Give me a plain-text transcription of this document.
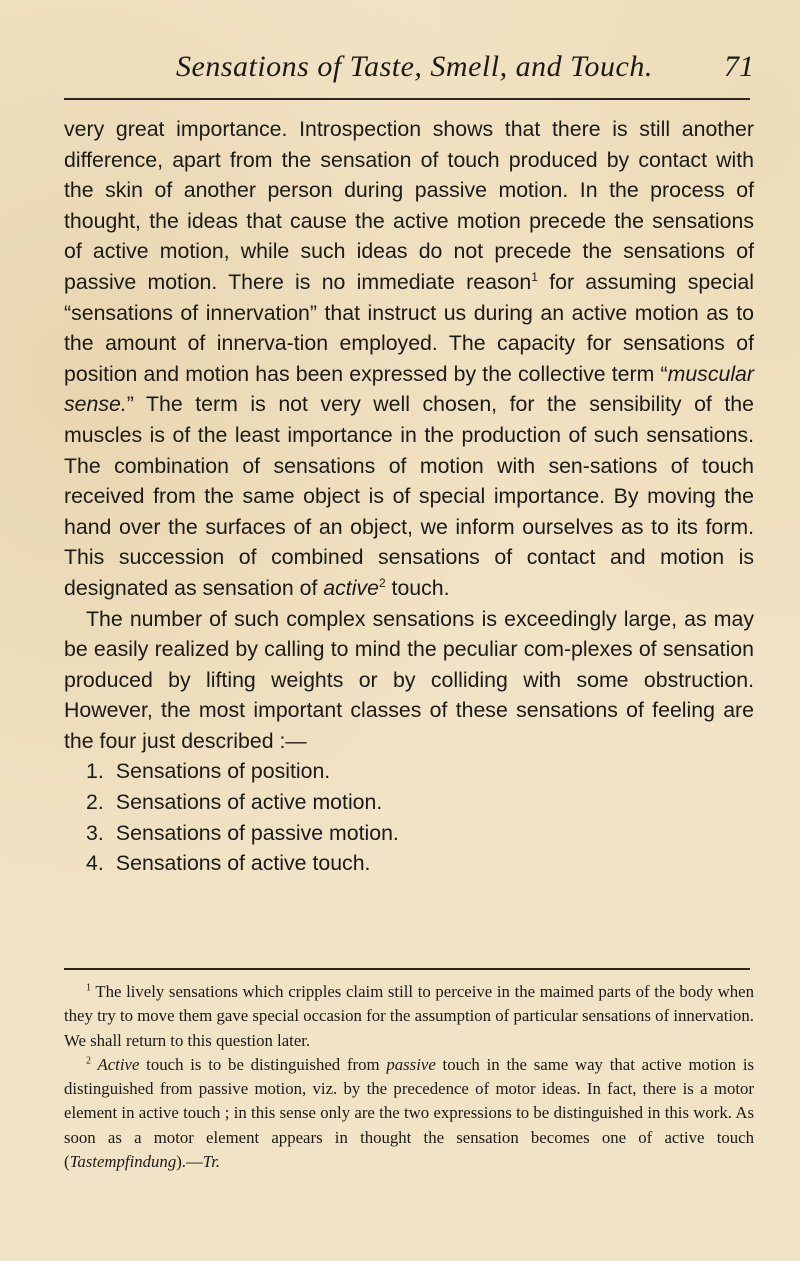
Sensations of Taste, Smell, and Touch. 71

very great importance. Introspection shows that there is still another difference, apart from the sensation of touch produced by contact with the skin of another person during passive motion. In the process of thought, the ideas that cause the active motion precede the sensations of active motion, while such ideas do not precede the sensations of passive motion. There is no immediate reason$^1$ for assuming special “sensations of innervation” that instruct us during an active motion as to the amount of innerva-tion employed. The capacity for sensations of position and motion has been expressed by the collective term “muscular sense.” The term is not very well chosen, for the sensibility of the muscles is of the least importance in the production of such sensations. The combination of sensations of motion with sen-sations of touch received from the same object is of special importance. By moving the hand over the surfaces of an object, we inform ourselves as to its form. This succession of combined sensations of contact and motion is designated as sensation of active$^2$ touch.

The number of such complex sensations is exceedingly large, as may be easily realized by calling to mind the peculiar com-plexes of sensation produced by lifting weights or by colliding with some obstruction. However, the most important classes of these sensations of feeling are the four just described :—

1. Sensations of position.
2. Sensations of active motion.
3. Sensations of passive motion.
4. Sensations of active touch.

$^1$ The lively sensations which cripples claim still to perceive in the maimed parts of the body when they try to move them gave special occasion for the assumption of particular sensations of innervation. We shall return to this question later.

$^2$ Active touch is to be distinguished from passive touch in the same way that active motion is distinguished from passive motion, viz. by the precedence of motor ideas. In fact, there is a motor element in active touch ; in this sense only are the two expressions to be distinguished in this work. As soon as a motor element appears in thought the sensation becomes one of active touch (Tastempfindung).—Tr.
